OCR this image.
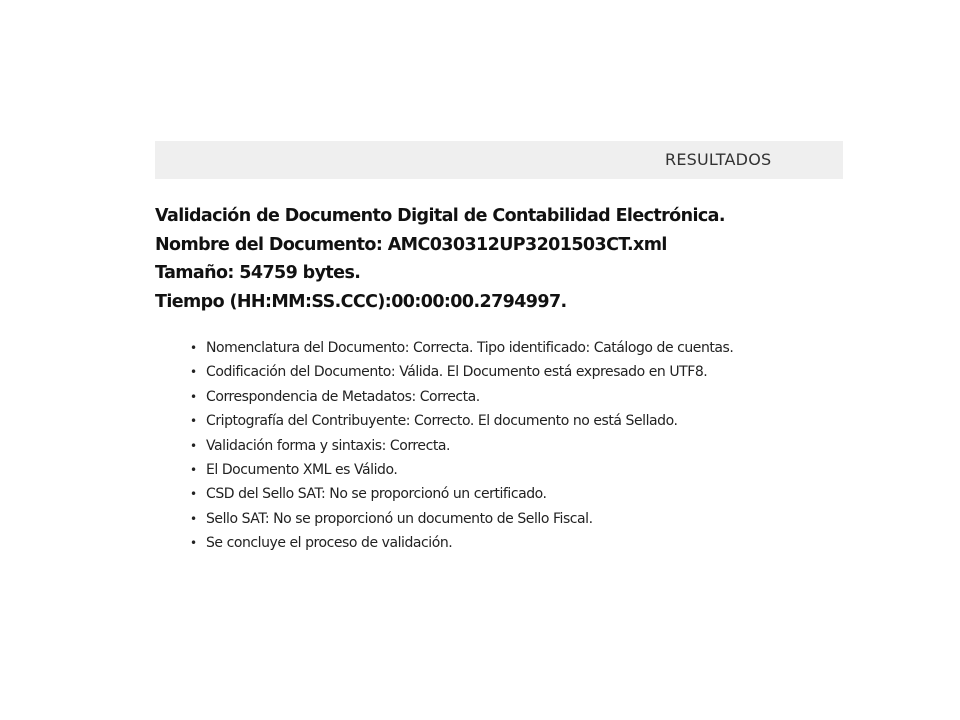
RESULTADOS
Validación de Documento Digital de Contabilidad Electrónica.
Nombre del Documento: AMC030312UP3201503CT.xml
Tamaño: 54759 bytes.
Tiempo (HH:MM:SS.CCC):00:00:00.2794997.
• Nomenclatura del Documento: Correcta. Tipo identificado: Catálogo de cuentas.
• Codificación del Documento: Válida. El Documento está expresado en UTF8.
• Correspondencia de Metadatos: Correcta.
• Criptografía del Contribuyente: Correcto. El documento no está Sellado.
• Validación forma y sintaxis: Correcta.
• El Documento XML es Válido.
• CSD del Sello SAT: No se proporcionó un certificado.
• Sello SAT: No se proporcionó un documento de Sello Fiscal.
• Se concluye el proceso de validación.
